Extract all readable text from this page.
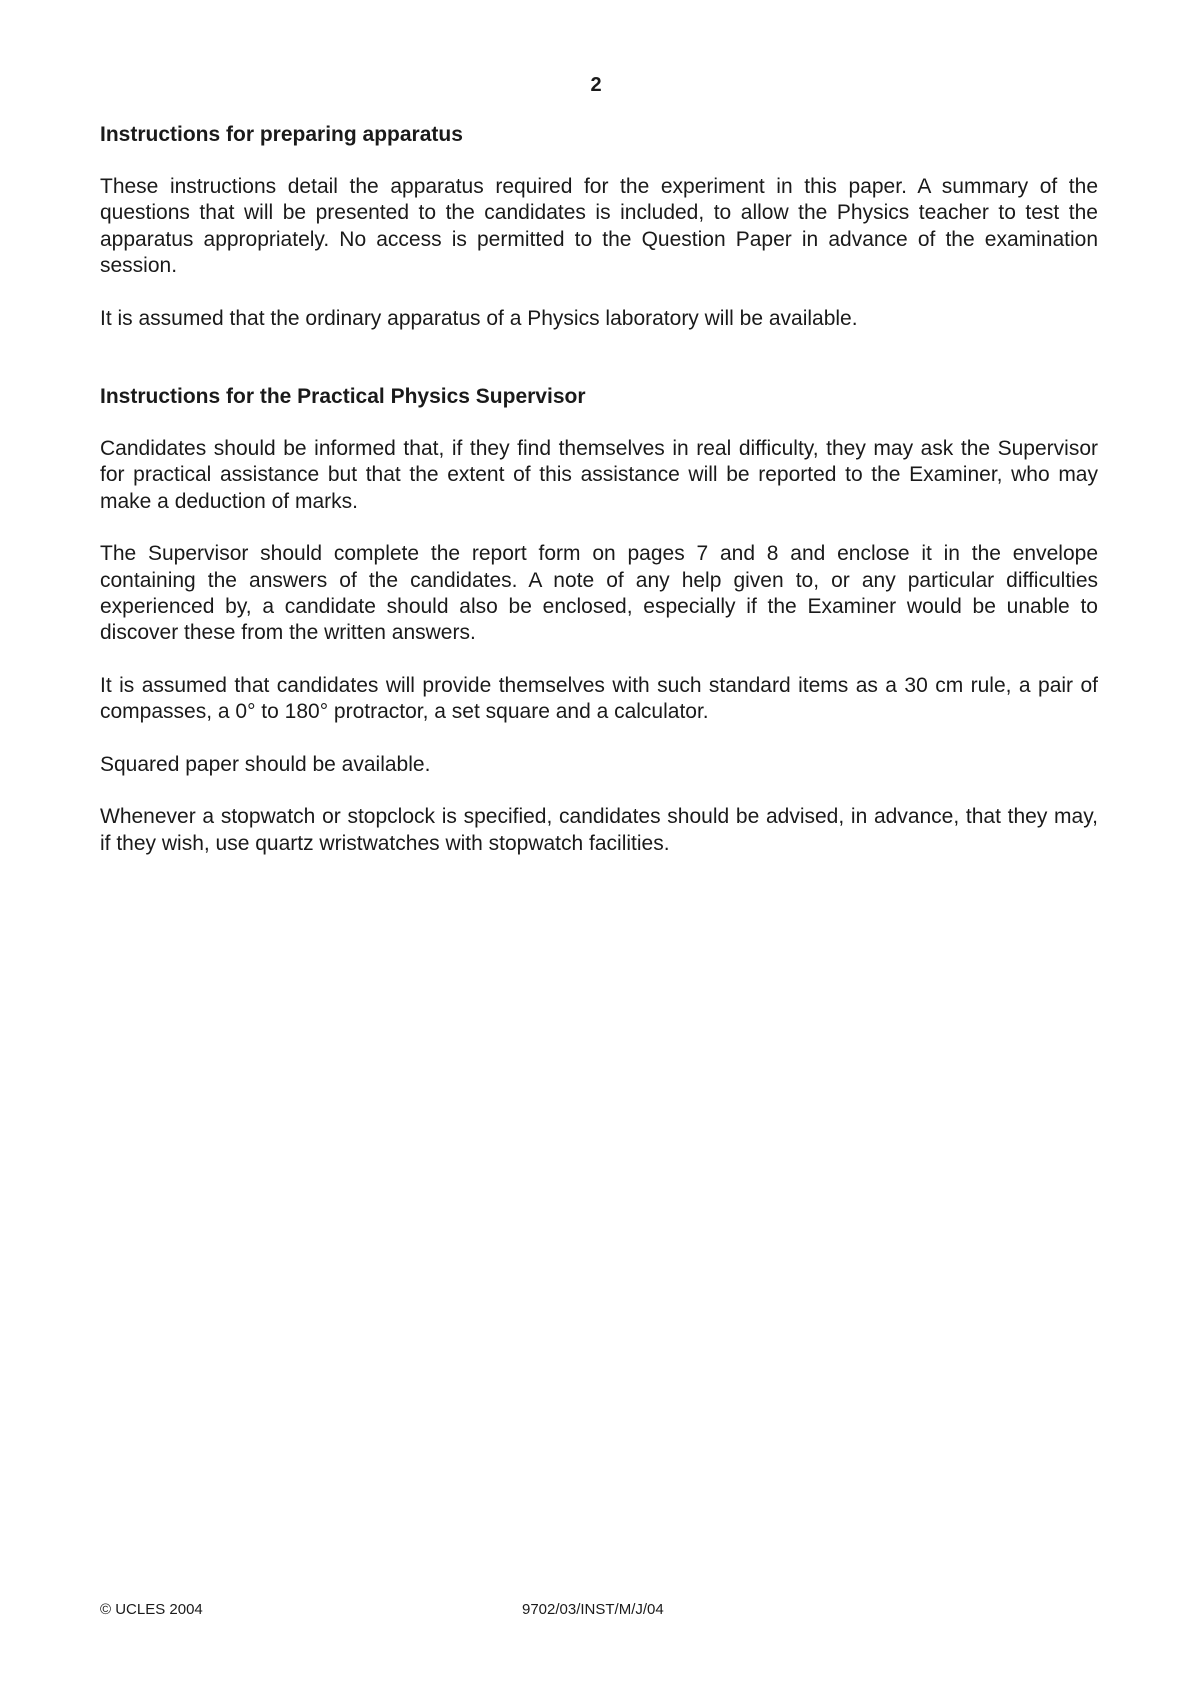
2
Instructions for preparing apparatus

These instructions detail the apparatus required for the experiment in this paper. A summary of the questions that will be presented to the candidates is included, to allow the Physics teacher to test the apparatus appropriately. No access is permitted to the Question Paper in advance of the examination session.

It is assumed that the ordinary apparatus of a Physics laboratory will be available.

Instructions for the Practical Physics Supervisor

Candidates should be informed that, if they find themselves in real difficulty, they may ask the Supervisor for practical assistance but that the extent of this assistance will be reported to the Examiner, who may make a deduction of marks.

The Supervisor should complete the report form on pages 7 and 8 and enclose it in the envelope containing the answers of the candidates. A note of any help given to, or any particular difficulties experienced by, a candidate should also be enclosed, especially if the Examiner would be unable to discover these from the written answers.

It is assumed that candidates will provide themselves with such standard items as a 30 cm rule, a pair of compasses, a 0° to 180° protractor, a set square and a calculator.

Squared paper should be available.

Whenever a stopwatch or stopclock is specified, candidates should be advised, in advance, that they may, if they wish, use quartz wristwatches with stopwatch facilities.

© UCLES 2004	9702/03/INST/M/J/04
